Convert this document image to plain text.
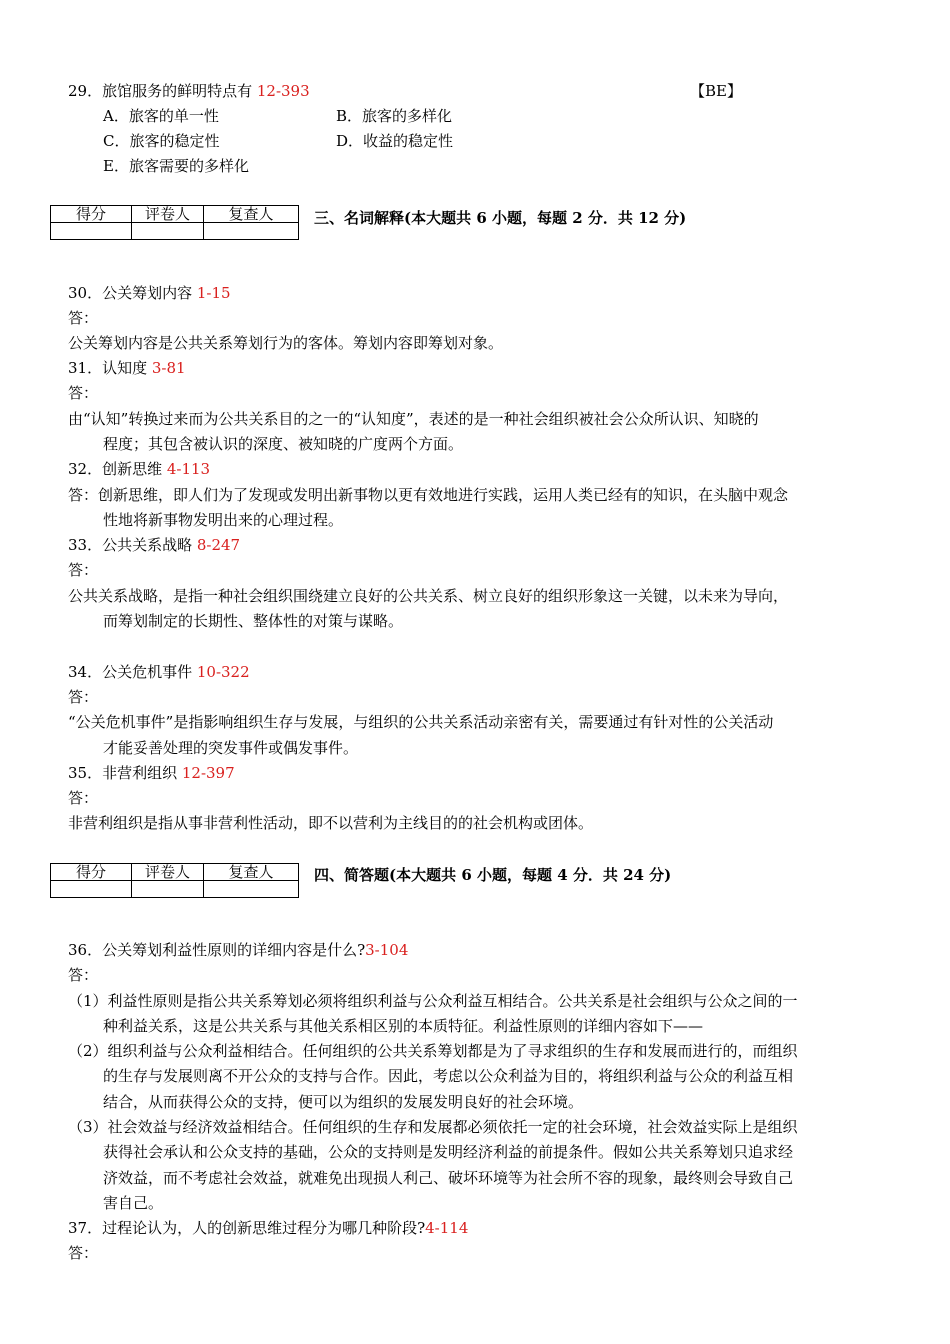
29．旅馆服务的鲜明特点有 12-393	【BE】
A．旅客的单一性	B．旅客的多样化
C．旅客的稳定性	D．收益的稳定性
E．旅客需要的多样化
得分	评卷人	复查人
			三、名词解释(本大题共 6 小题，每题 2 分．共 12 分)
30．公关筹划内容 1-15
答：
公关筹划内容是公共关系筹划行为的客体。筹划内容即筹划对象。
31．认知度 3-81
答：
由“认知”转换过来而为公共关系目的之一的“认知度”，表述的是一种社会组织被社会公众所认识、知晓的
程度；其包含被认识的深度、被知晓的广度两个方面。
32．创新思维 4-113
答：创新思维，即人们为了发现或发明出新事物以更有效地进行实践，运用人类已经有的知识，在头脑中观念
性地将新事物发明出来的心理过程。
33．公共关系战略 8-247
答：
公共关系战略，是指一种社会组织围绕建立良好的公共关系、树立良好的组织形象这一关键，以未来为导向，
而筹划制定的长期性、整体性的对策与谋略。
34．公关危机事件 10-322
答：
“公关危机事件”是指影响组织生存与发展，与组织的公共关系活动亲密有关，需要通过有针对性的公关活动
才能妥善处理的突发事件或偶发事件。
35．非营利组织 12-397
答：
非营利组织是指从事非营利性活动，即不以营利为主线目的的社会机构或团体。
得分	评卷人	复查人
			四、简答题(本大题共 6 小题，每题 4 分．共 24 分)
36．公关筹划利益性原则的详细内容是什么?3-104
答：
（1）利益性原则是指公共关系筹划必须将组织利益与公众利益互相结合。公共关系是社会组织与公众之间的一
种利益关系，这是公共关系与其他关系相区别的本质特征。利益性原则的详细内容如下——
（2）组织利益与公众利益相结合。任何组织的公共关系筹划都是为了寻求组织的生存和发展而进行的，而组织
的生存与发展则离不开公众的支持与合作。因此，考虑以公众利益为目的，将组织利益与公众的利益互相
结合，从而获得公众的支持，便可以为组织的发展发明良好的社会环境。
（3）社会效益与经济效益相结合。任何组织的生存和发展都必须依托一定的社会环境，社会效益实际上是组织
获得社会承认和公众支持的基础，公众的支持则是发明经济利益的前提条件。假如公共关系筹划只追求经
济效益，而不考虑社会效益，就难免出现损人利己、破坏环境等为社会所不容的现象，最终则会导致自己
害自己。
37．过程论认为，人的创新思维过程分为哪几种阶段?4-114
答：
